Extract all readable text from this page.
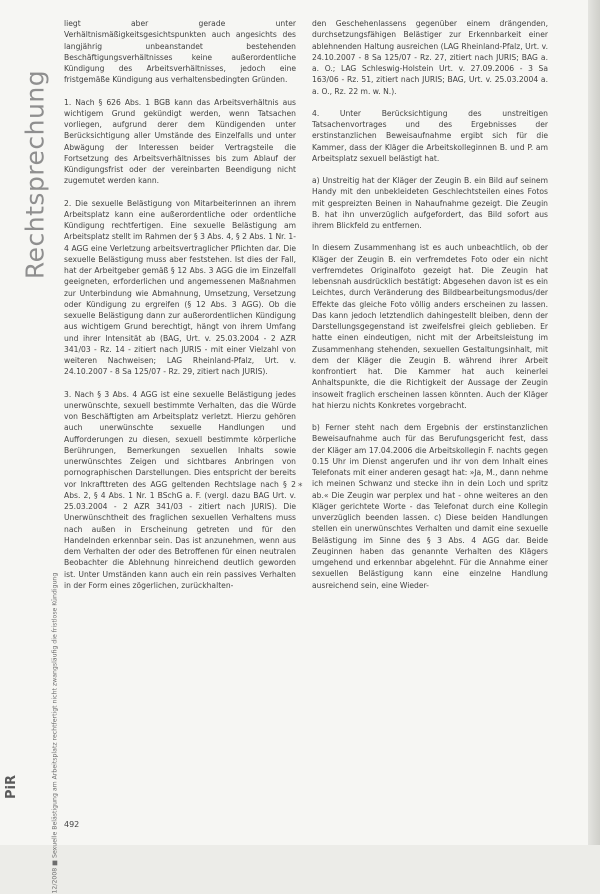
Rechtsprechung
12/2008 ■ Sexuelle Belästigung am Arbeitsplatz rechtfertigt nicht zwangsläufig die fristlose Kündigung
PiR

liegt aber gerade unter Verhältnismäßigkeitsgesichtspunkten auch angesichts des langjährig unbeanstandet bestehenden Beschäftigungsverhältnisses keine außerordentliche Kündigung des Arbeitsverhältnisses, jedoch eine fristgemäße Kündigung aus verhaltensbedingten Gründen.

1. Nach § 626 Abs. 1 BGB kann das Arbeitsverhältnis aus wichtigem Grund gekündigt werden, wenn Tatsachen vorliegen, aufgrund derer dem Kündigenden unter Berücksichtigung aller Umstände des Einzelfalls und unter Abwägung der Interessen beider Vertragsteile die Fortsetzung des Arbeitsverhältnisses bis zum Ablauf der Kündigungsfrist oder der vereinbarten Beendigung nicht zugemutet werden kann.

2. Die sexuelle Belästigung von Mitarbeiterinnen an ihrem Arbeitsplatz kann eine außerordentliche oder ordentliche Kündigung rechtfertigen. Eine sexuelle Belästigung am Arbeitsplatz stellt im Rahmen der § 3 Abs. 4, § 2 Abs. 1 Nr. 1-4 AGG eine Verletzung arbeitsvertraglicher Pflichten dar. Die sexuelle Belästigung muss aber feststehen. Ist dies der Fall, hat der Arbeitgeber gemäß § 12 Abs. 3 AGG die im Einzelfall geeigneten, erforderlichen und angemessenen Maßnahmen zur Unterbindung wie Abmahnung, Umsetzung, Versetzung oder Kündigung zu ergreifen (§ 12 Abs. 3 AGG). Ob die sexuelle Belästigung dann zur außerordentlichen Kündigung aus wichtigem Grund berechtigt, hängt von ihrem Umfang und ihrer Intensität ab (BAG, Urt. v. 25.03.2004 - 2 AZR 341/03 - Rz. 14 - zitiert nach JURIS - mit einer Vielzahl von weiteren Nachweisen; LAG Rheinland-Pfalz, Urt. v. 24.10.2007 - 8 Sa 125/07 - Rz. 29, zitiert nach JURIS).

3. Nach § 3 Abs. 4 AGG ist eine sexuelle Belästigung jedes unerwünschte, sexuell bestimmte Verhalten, das die Würde von Beschäftigten am Arbeitsplatz verletzt. Hierzu gehören auch unerwünschte sexuelle Handlungen und Aufforderungen zu diesen, sexuell bestimmte körperliche Berührungen, Bemerkungen sexuellen Inhalts sowie unerwünschtes Zeigen und sichtbares Anbringen von pornographischen Darstellungen. Dies entspricht der bereits vor Inkrafttreten des AGG geltenden Rechtslage nach § 2 Abs. 2, § 4 Abs. 1 Nr. 1 BSchG a. F. (vergl. dazu BAG Urt. v. 25.03.2004 - 2 AZR 341/03 - zitiert nach JURIS). Die Unerwünschtheit des fraglichen sexuellen Verhaltens muss nach außen in Erscheinung getreten und für den Handelnden erkennbar sein. Das ist anzunehmen, wenn aus dem Verhalten der oder des Betroffenen für einen neutralen Beobachter die Ablehnung hinreichend deutlich geworden ist. Unter Umständen kann auch ein rein passives Verhalten in der Form eines zögerlichen, zurückhalten-

den Geschehenlassens gegenüber einem drängenden, durchsetzungsfähigen Belästiger zur Erkennbarkeit einer ablehnenden Haltung ausreichen (LAG Rheinland-Pfalz, Urt. v. 24.10.2007 - 8 Sa 125/07 - Rz. 27, zitiert nach JURIS; BAG a. a. O.; LAG Schleswig-Holstein Urt. v. 27.09.2006 - 3 Sa 163/06 - Rz. 51, zitiert nach JURIS; BAG, Urt. v. 25.03.2004 a. a. O., Rz. 22 m. w. N.).

4. Unter Berücksichtigung des unstreitigen Tatsachenvortrages und des Ergebnisses der erstinstanzlichen Beweisaufnahme ergibt sich für die Kammer, dass der Kläger die Arbeitskolleginnen B. und P. am Arbeitsplatz sexuell belästigt hat.

a) Unstreitig hat der Kläger der Zeugin B. ein Bild auf seinem Handy mit den unbekleideten Geschlechtsteilen eines Fotos mit gespreizten Beinen in Nahaufnahme gezeigt. Die Zeugin B. hat ihn unverzüglich aufgefordert, das Bild sofort aus ihrem Blickfeld zu entfernen.

In diesem Zusammenhang ist es auch unbeachtlich, ob der Kläger der Zeugin B. ein verfremdetes Foto oder ein nicht verfremdetes Originalfoto gezeigt hat. Die Zeugin hat lebensnah ausdrücklich bestätigt: Abgesehen davon ist es ein Leichtes, durch Veränderung des Bildbearbeitungsmodus/der Effekte das gleiche Foto völlig anders erscheinen zu lassen. Das kann jedoch letztendlich dahingestellt bleiben, denn der Darstellungsgegenstand ist zweifelsfrei gleich geblieben. Er hatte einen eindeutigen, nicht mit der Arbeitsleistung im Zusammenhang stehenden, sexuellen Gestaltungsinhalt, mit dem der Kläger die Zeugin B. während ihrer Arbeit konfrontiert hat. Die Kammer hat auch keinerlei Anhaltspunkte, die die Richtigkeit der Aussage der Zeugin insoweit fraglich erscheinen lassen könnten. Auch der Kläger hat hierzu nichts Konkretes vorgebracht.

b) Ferner steht nach dem Ergebnis der erstinstanzlichen Beweisaufnahme auch für das Berufungsgericht fest, dass der Kläger am 17.04.2006 die Arbeitskollegin F. nachts gegen 0.15 Uhr im Dienst angerufen und ihr von dem Inhalt eines Telefonats mit einer anderen gesagt hat: »Ja, M., dann nehme ich meinen Schwanz und stecke ihn in dein Loch und spritz ab.« Die Zeugin war perplex und hat - ohne weiteres an den Kläger gerichtete Worte - das Telefonat durch eine Kollegin unverzüglich beenden lassen. c) Diese beiden Handlungen stellen ein unerwünschtes Verhalten und damit eine sexuelle Belästigung im Sinne des § 3 Abs. 4 AGG dar. Beide Zeuginnen haben das genannte Verhalten des Klägers umgehend und erkennbar abgelehnt. Für die Annahme einer sexuellen Belästigung kann eine einzelne Handlung ausreichend sein, eine Wieder-

*
492
